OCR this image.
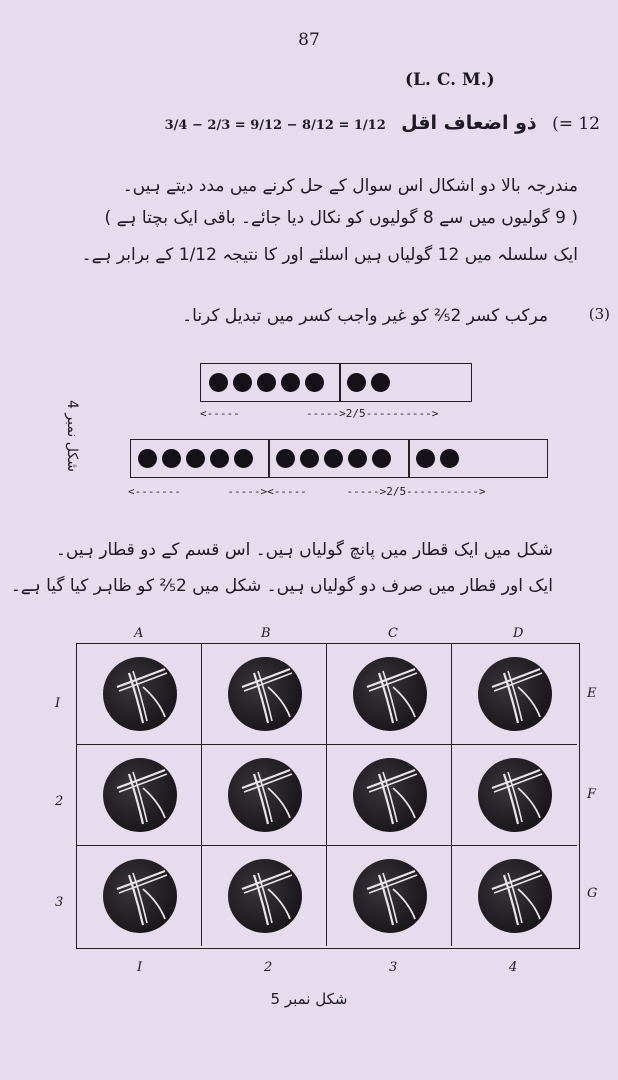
87
(L. C. M.)
(= 12 ذو اضعاف اقل 3/4 − 2/3 = 9/12 − 8/12 = 1/12
مندرجہ بالا دو اشکال اس سوال کے حل کرنے میں مدد دیتے ہیں۔
( 9 گولیوں میں سے 8 گولیوں کو نکال دیا جائے۔ باقی ایک بچتا ہے )
ایک سلسلہ میں 12 گولیاں ہیں اسلئے اور کا نتیجہ 1/12 کے برابر ہے۔
(3)
مرکب کسر 2⅖ کو غیر واجب کسر میں تبدیل کرنا۔
شکل نمبر 4	<-----          ----->2/5---------->
<-------       -----><-----      ----->2/5----------->
شکل میں ایک قطار میں پانچ گولیاں ہیں۔ اس قسم کے دو قطار ہیں۔
ایک اور قطار میں صرف دو گولیاں ہیں۔ شکل میں 2⅖ کو ظاہر کیا گیا ہے۔
A	B	C	D
I
2
3
E
F
G
I	2	3	4
شکل نمبر 5
